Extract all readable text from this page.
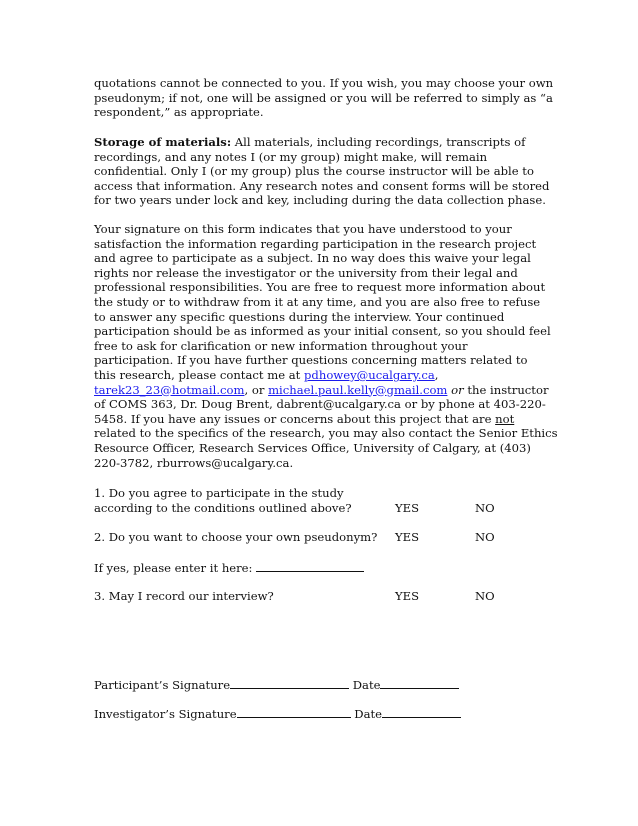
quotations cannot be connected to you. If you wish, you may choose your own
pseudonym; if not, one will be assigned or you will be referred to simply as “a
respondent,” as appropriate.

Storage of materials: All materials, including recordings, transcripts of
recordings, and any notes I (or my group) might make, will remain
confidential. Only I (or my group) plus the course instructor will be able to
access that information. Any research notes and consent forms will be stored
for two years under lock and key, including during the data collection phase.

Your signature on this form indicates that you have understood to your
satisfaction the information regarding participation in the research project
and agree to participate as a subject. In no way does this waive your legal
rights nor release the investigator or the university from their legal and
professional responsibilities. You are free to request more information about
the study or to withdraw from it at any time, and you are also free to refuse
to answer any specific questions during the interview. Your continued
participation should be as informed as your initial consent, so you should feel
free to ask for clarification or new information throughout your
participation. If you have further questions concerning matters related to
this research, please contact me at pdhowey@ucalgary.ca,
tarek23_23@hotmail.com, or michael.paul.kelly@gmail.com or the instructor
of COMS 363, Dr. Doug Brent, dabrent@ucalgary.ca or by phone at 403-220-
5458. If you have any issues or concerns about this project that are not
related to the specifics of the research, you may also contact the Senior Ethics
Resource Officer, Research Services Office, University of Calgary, at (403)
220-3782, rburrows@ucalgary.ca.

1. Do you agree to participate in the study
according to the conditions outlined above?	YES	NO
2. Do you want to choose your own pseudonym? YES	NO
If yes, please enter it here:
3. May I record our interview?	YES	NO
Participant’s Signature	Date
Investigator’s Signature	Date
